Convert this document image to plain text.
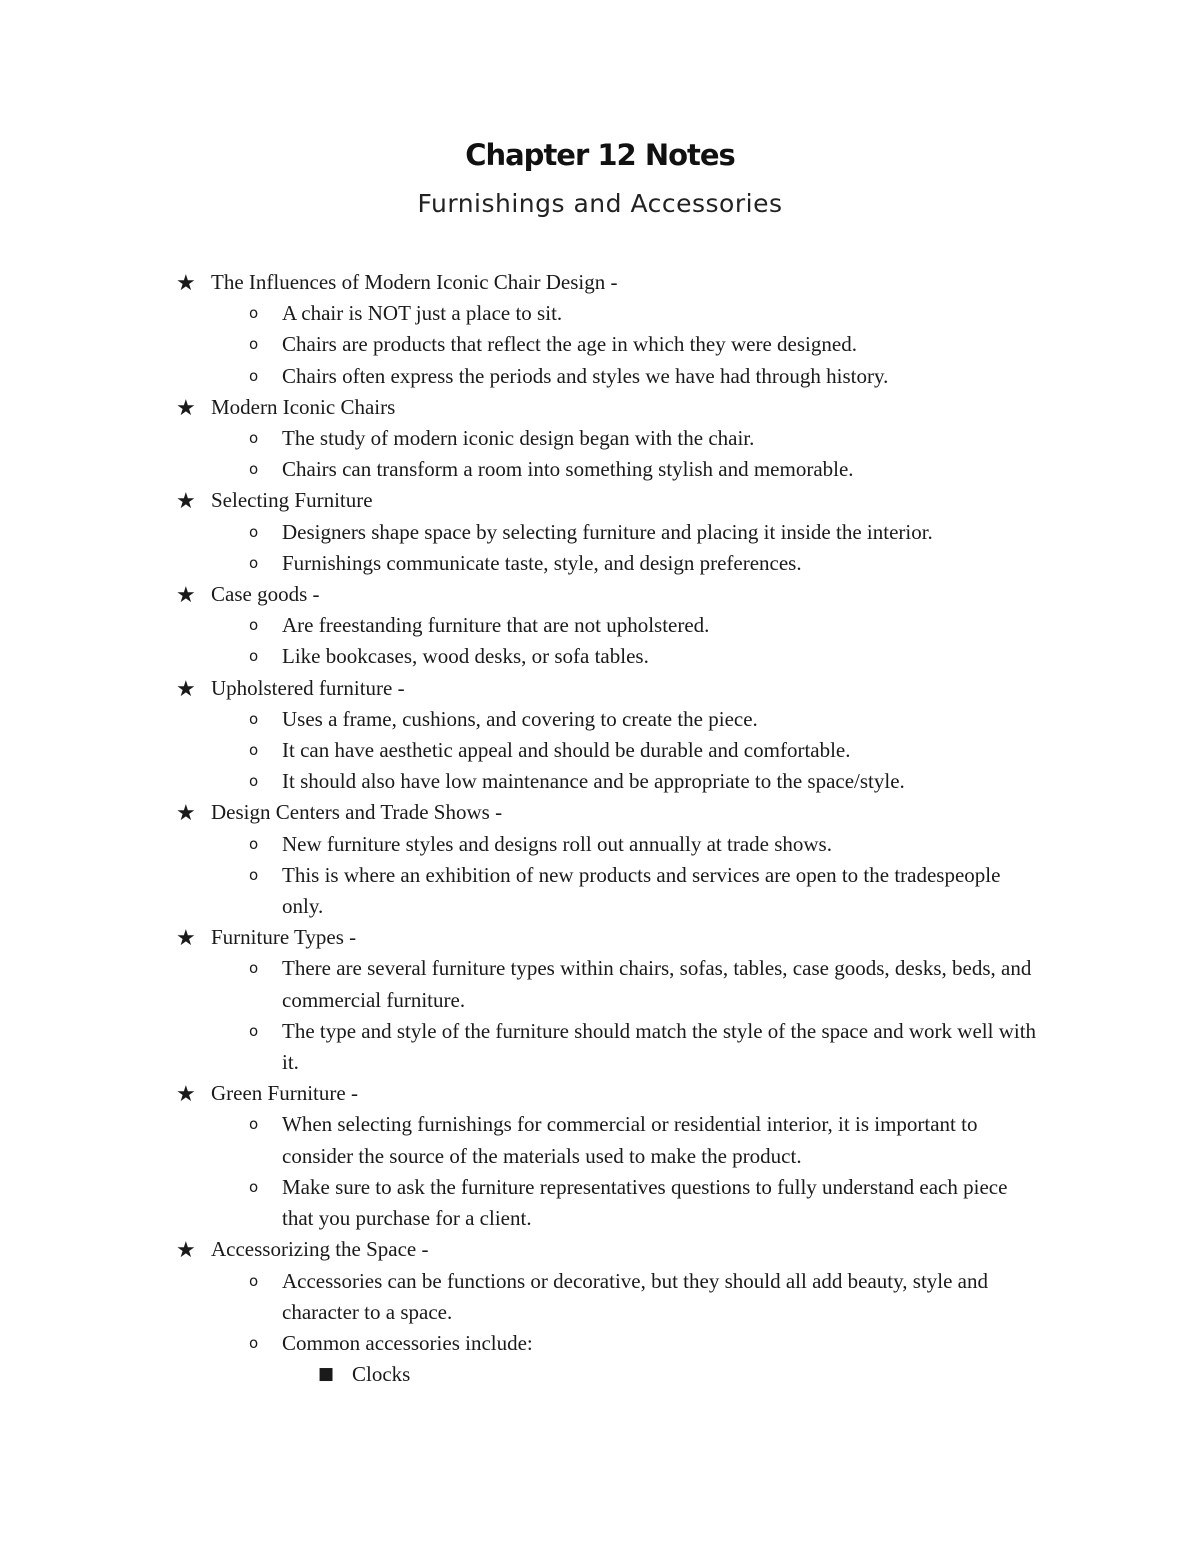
Chapter 12 Notes
Furnishings and Accessories
★ The Influences of Modern Iconic Chair Design -
o A chair is NOT just a place to sit.
o Chairs are products that reflect the age in which they were designed.
o Chairs often express the periods and styles we have had through history.
★ Modern Iconic Chairs
o The study of modern iconic design began with the chair.
o Chairs can transform a room into something stylish and memorable.
★ Selecting Furniture
o Designers shape space by selecting furniture and placing it inside the interior.
o Furnishings communicate taste, style, and design preferences.
★ Case goods -
o Are freestanding furniture that are not upholstered.
o Like bookcases, wood desks, or sofa tables.
★ Upholstered furniture -
o Uses a frame, cushions, and covering to create the piece.
o It can have aesthetic appeal and should be durable and comfortable.
o It should also have low maintenance and be appropriate to the space/style.
★ Design Centers and Trade Shows -
o New furniture styles and designs roll out annually at trade shows.
o This is where an exhibition of new products and services are open to the tradespeople only.
★ Furniture Types -
o There are several furniture types within chairs, sofas, tables, case goods, desks, beds, and commercial furniture.
o The type and style of the furniture should match the style of the space and work well with it.
★ Green Furniture -
o When selecting furnishings for commercial or residential interior, it is important to consider the source of the materials used to make the product.
o Make sure to ask the furniture representatives questions to fully understand each piece that you purchase for a client.
★ Accessorizing the Space -
o Accessories can be functions or decorative, but they should all add beauty, style and character to a space.
o Common accessories include:
■ Clocks
